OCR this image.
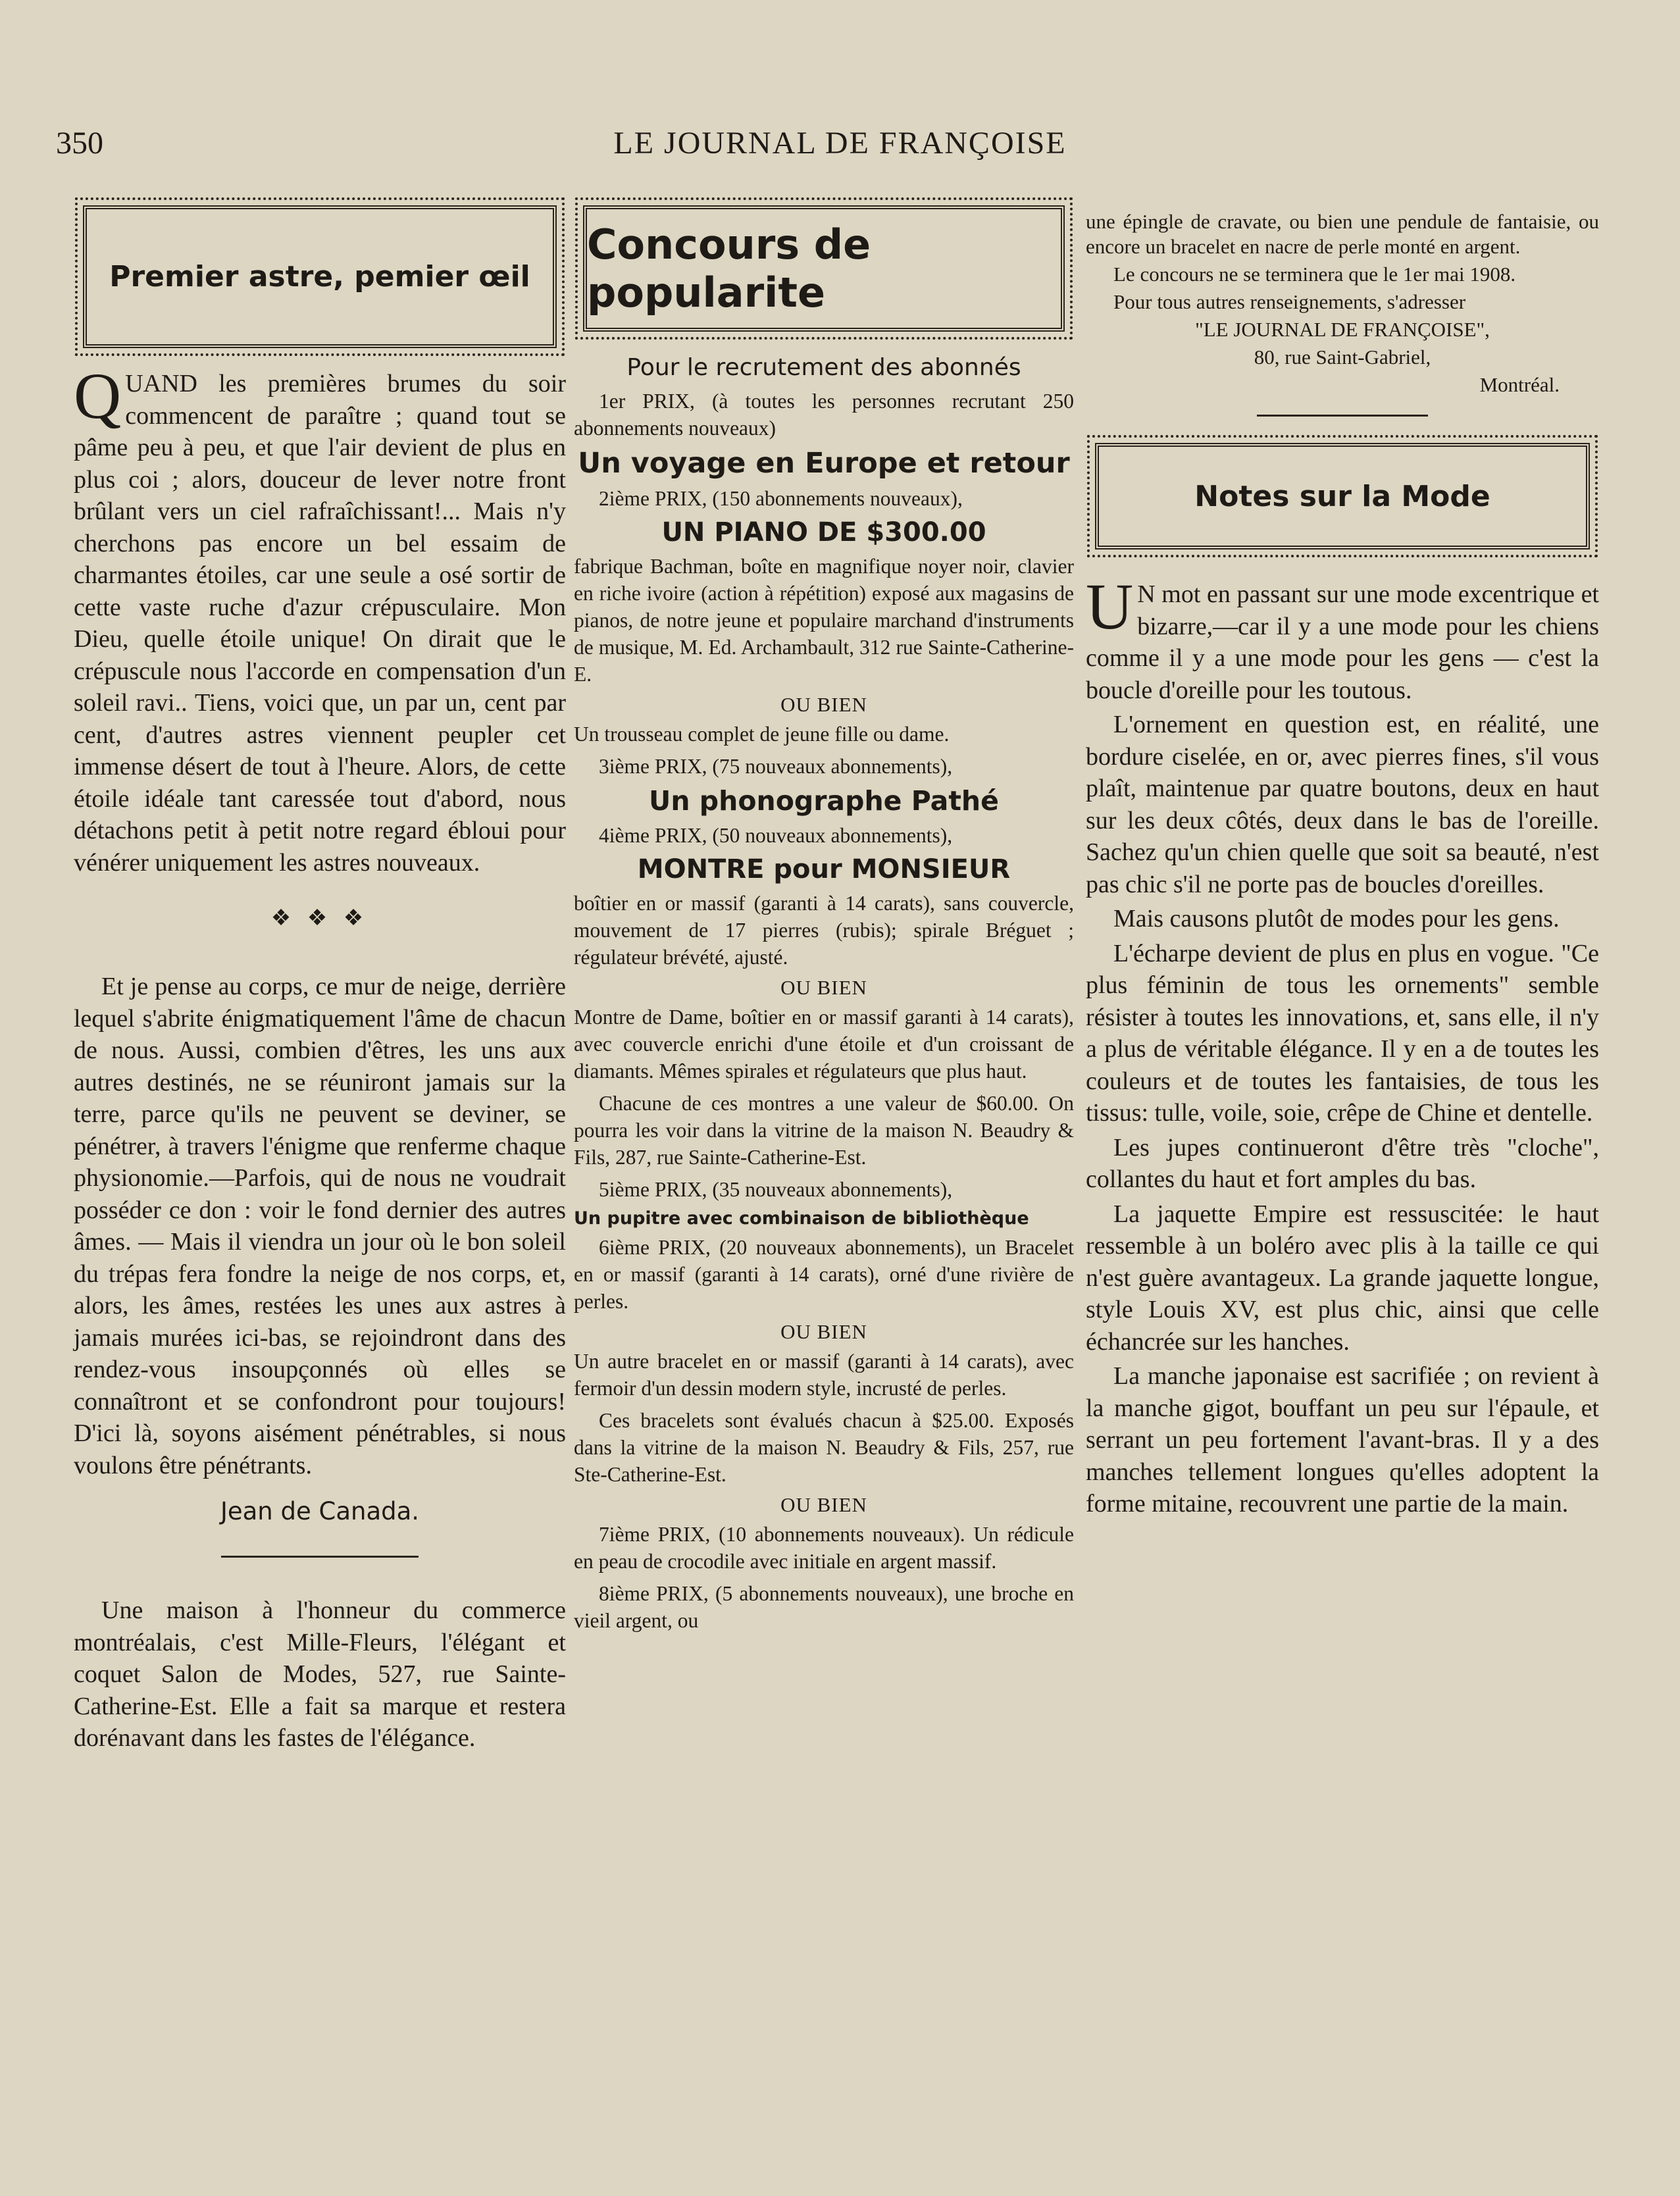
LE JOURNAL DE FRANÇOISE
350
Premier astre, pemier œil

QUAND les premières brumes du soir commencent de paraître ; quand tout se pâme peu à peu, et que l'air devient de plus en plus coi ; alors, douceur de lever notre front brûlant vers un ciel rafraîchissant!... Mais n'y cherchons pas encore un bel essaim de charmantes étoiles, car une seule a osé sortir de cette vaste ruche d'azur crépusculaire. Mon Dieu, quelle étoile unique! On dirait que le crépuscule nous l'accorde en compensation d'un soleil ravi.. Tiens, voici que, un par un, cent par cent, d'autres astres viennent peupler cet immense désert de tout à l'heure. Alors, de cette étoile idéale tant caressée tout d'abord, nous détachons petit à petit notre regard ébloui pour vénérer uniquement les astres nouveaux.

❖ ❖ ❖

Et je pense au corps, ce mur de neige, derrière lequel s'abrite énigmatiquement l'âme de chacun de nous. Aussi, combien d'êtres, les uns aux autres destinés, ne se réuniront jamais sur la terre, parce qu'ils ne peuvent se deviner, se pénétrer, à travers l'énigme que renferme chaque physionomie.—Parfois, qui de nous ne voudrait posséder ce don : voir le fond dernier des autres âmes. — Mais il viendra un jour où le bon soleil du trépas fera fondre la neige de nos corps, et, alors, les âmes, restées les unes aux astres à jamais murées ici-bas, se rejoindront dans des rendez-vous insoupçonnés où elles se connaîtront et se confondront pour toujours! D'ici là, soyons aisément pénétrables, si nous voulons être pénétrants.

Jean de Canada.

Une maison à l'honneur du commerce montréalais, c'est Mille-Fleurs, l'élégant et coquet Salon de Modes, 527, rue Sainte-Catherine-Est. Elle a fait sa marque et restera dorénavant dans les fastes de l'élégance.

Concours de popularite
Pour le recrutement des abonnés

1er PRIX, (à toutes les personnes recrutant 250 abonnements nouveaux)

Un voyage en Europe et retour

2ième PRIX, (150 abonnements nouveaux),

UN PIANO DE $300.00

fabrique Bachman, boîte en magnifique noyer noir, clavier en riche ivoire (action à répétition) exposé aux magasins de pianos, de notre jeune et populaire marchand d'instruments de musique, M. Ed. Archambault, 312 rue Sainte-Catherine-E.

OU BIEN

Un trousseau complet de jeune fille ou dame.

3ième PRIX, (75 nouveaux abonnements),

Un phonographe Pathé

4ième PRIX, (50 nouveaux abonnements),

MONTRE pour MONSIEUR

boîtier en or massif (garanti à 14 carats), sans couvercle, mouvement de 17 pierres (rubis); spirale Bréguet ; régulateur brévété, ajusté.

OU BIEN

Montre de Dame, boîtier en or massif garanti à 14 carats), avec couvercle enrichi d'une étoile et d'un croissant de diamants. Mêmes spirales et régulateurs que plus haut.

Chacune de ces montres a une valeur de $60.00. On pourra les voir dans la vitrine de la maison N. Beaudry & Fils, 287, rue Sainte-Catherine-Est.

5ième PRIX, (35 nouveaux abonnements),

Un pupitre avec combinaison de bibliothèque

6ième PRIX, (20 nouveaux abonnements), un Bracelet en or massif (garanti à 14 carats), orné d'une rivière de perles.

OU BIEN

Un autre bracelet en or massif (garanti à 14 carats), avec fermoir d'un dessin modern style, incrusté de perles.

Ces bracelets sont évalués chacun à $25.00. Exposés dans la vitrine de la maison N. Beaudry & Fils, 257, rue Ste-Catherine-Est.

OU BIEN

7ième PRIX, (10 abonnements nouveaux). Un rédicule en peau de crocodile avec initiale en argent massif.

8ième PRIX, (5 abonnements nouveaux), une broche en vieil argent, ou

une épingle de cravate, ou bien une pendule de fantaisie, ou encore un bracelet en nacre de perle monté en argent.

Le concours ne se terminera que le 1er mai 1908.

Pour tous autres renseignements, s'adresser

"LE JOURNAL DE FRANÇOISE",

80, rue Saint-Gabriel,

Montréal.

Notes sur la Mode

UN mot en passant sur une mode excentrique et bizarre,—car il y a une mode pour les chiens comme il y a une mode pour les gens — c'est la boucle d'oreille pour les toutous.

L'ornement en question est, en réalité, une bordure ciselée, en or, avec pierres fines, s'il vous plaît, maintenue par quatre boutons, deux en haut sur les deux côtés, deux dans le bas de l'oreille. Sachez qu'un chien quelle que soit sa beauté, n'est pas chic s'il ne porte pas de boucles d'oreilles.

Mais causons plutôt de modes pour les gens.

L'écharpe devient de plus en plus en vogue. "Ce plus féminin de tous les ornements" semble résister à toutes les innovations, et, sans elle, il n'y a plus de véritable élégance. Il y en a de toutes les couleurs et de toutes les fantaisies, de tous les tissus: tulle, voile, soie, crêpe de Chine et dentelle.

Les jupes continueront d'être très "cloche", collantes du haut et fort amples du bas.

La jaquette Empire est ressuscitée: le haut ressemble à un boléro avec plis à la taille ce qui n'est guère avantageux. La grande jaquette longue, style Louis XV, est plus chic, ainsi que celle échancrée sur les hanches.

La manche japonaise est sacrifiée ; on revient à la manche gigot, bouffant un peu sur l'épaule, et serrant un peu fortement l'avant-bras. Il y a des manches tellement longues qu'elles adoptent la forme mitaine, recouvrent une partie de la main.
